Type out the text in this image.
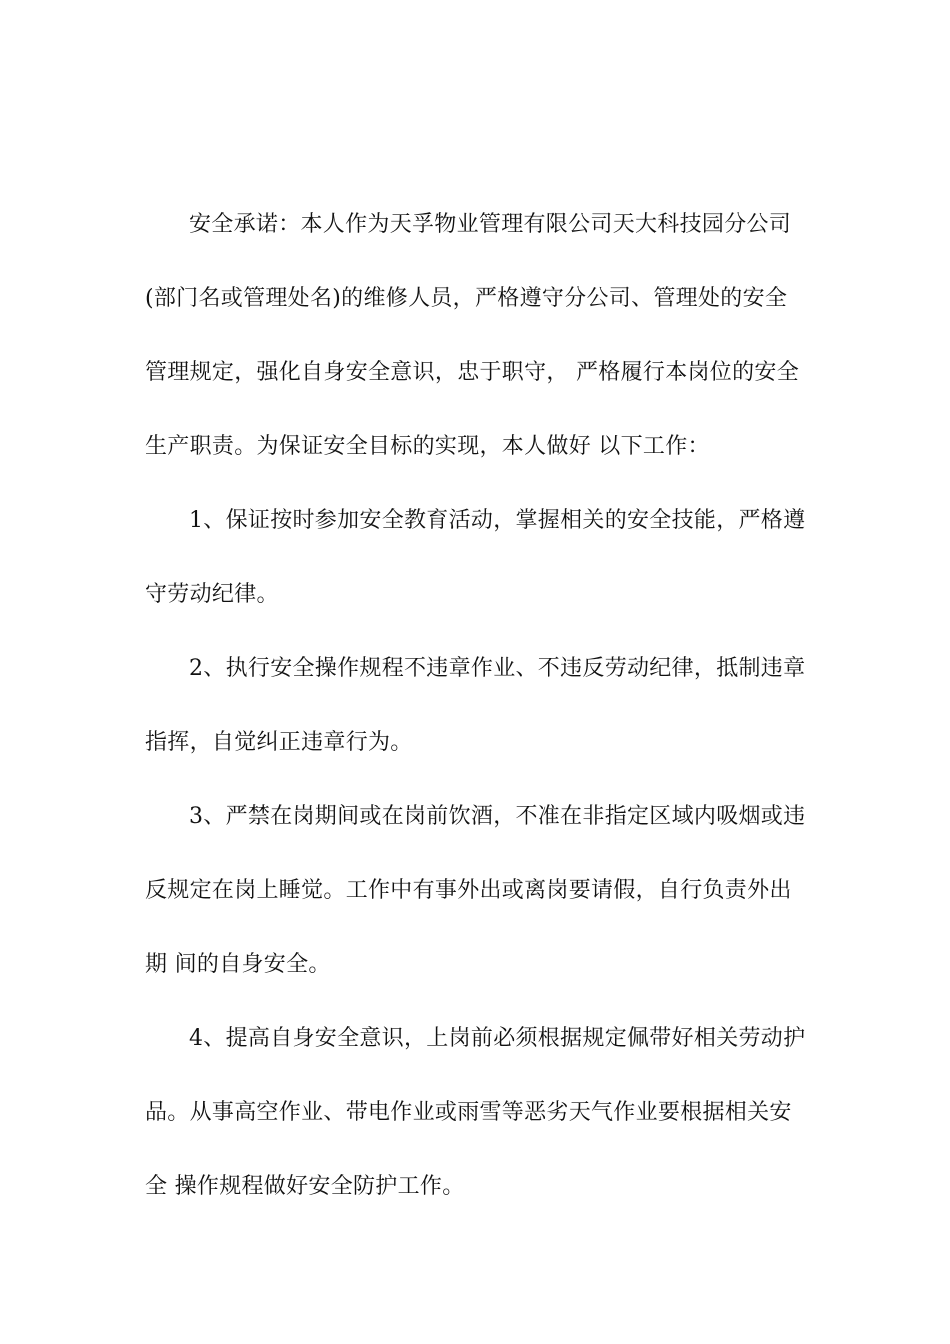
安全承诺：本人作为天孚物业管理有限公司天大科技园分公司
(部门名或管理处名)的维修人员，严格遵守分公司、管理处的安全
管理规定，强化自身安全意识，忠于职守， 严格履行本岗位的安全
生产职责。为保证安全目标的实现，本人做好 以下工作：
1、保证按时参加安全教育活动，掌握相关的安全技能，严格遵
守劳动纪律。
2、执行安全操作规程不违章作业、不违反劳动纪律，抵制违章
指挥，自觉纠正违章行为。
3、严禁在岗期间或在岗前饮酒，不准在非指定区域内吸烟或违
反规定在岗上睡觉。工作中有事外出或离岗要请假，自行负责外出
期 间的自身安全。
4、提高自身安全意识，上岗前必须根据规定佩带好相关劳动护
品。从事高空作业、带电作业或雨雪等恶劣天气作业要根据相关安
全 操作规程做好安全防护工作。
